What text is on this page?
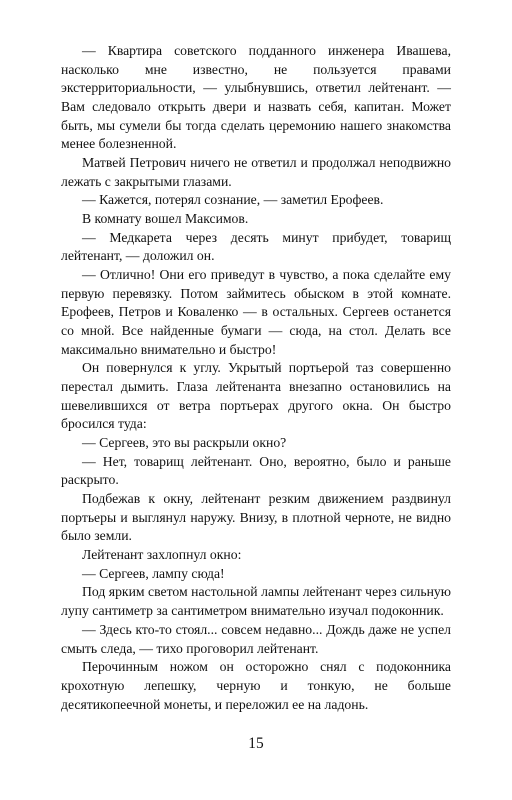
— Квартира советского подданного инженера Ивашева, насколько мне известно, не пользуется правами экстерриториальности, — улыбнувшись, ответил лейтенант. — Вам следовало открыть двери и назвать себя, капитан. Может быть, мы сумели бы тогда сделать церемонию нашего знакомства менее болезненной.

Матвей Петрович ничего не ответил и продолжал неподвижно лежать с закрытыми глазами.

— Кажется, потерял сознание, — заметил Ерофеев.

В комнату вошел Максимов.

— Медкарета через десять минут прибудет, товарищ лейтенант, — доложил он.

— Отлично! Они его приведут в чувство, а пока сделайте ему первую перевязку. Потом займитесь обыском в этой комнате. Ерофеев, Петров и Коваленко — в остальных. Сергеев останется со мной. Все найденные бумаги — сюда, на стол. Делать все максимально внимательно и быстро!

Он повернулся к углу. Укрытый портьерой таз совершенно перестал дымить. Глаза лейтенанта внезапно остановились на шевелившихся от ветра портьерах другого окна. Он быстро бросился туда:

— Сергеев, это вы раскрыли окно?

— Нет, товарищ лейтенант. Оно, вероятно, было и раньше раскрыто.

Подбежав к окну, лейтенант резким движением раздвинул портьеры и выглянул наружу. Внизу, в плотной черноте, не видно было земли.

Лейтенант захлопнул окно:

— Сергеев, лампу сюда!

Под ярким светом настольной лампы лейтенант через сильную лупу сантиметр за сантиметром внимательно изучал подоконник.

— Здесь кто-то стоял... совсем недавно... Дождь даже не успел смыть следа, — тихо проговорил лейтенант.

Перочинным ножом он осторожно снял с подоконника крохотную лепешку, черную и тонкую, не больше десятикопеечной монеты, и переложил ее на ладонь.

15
